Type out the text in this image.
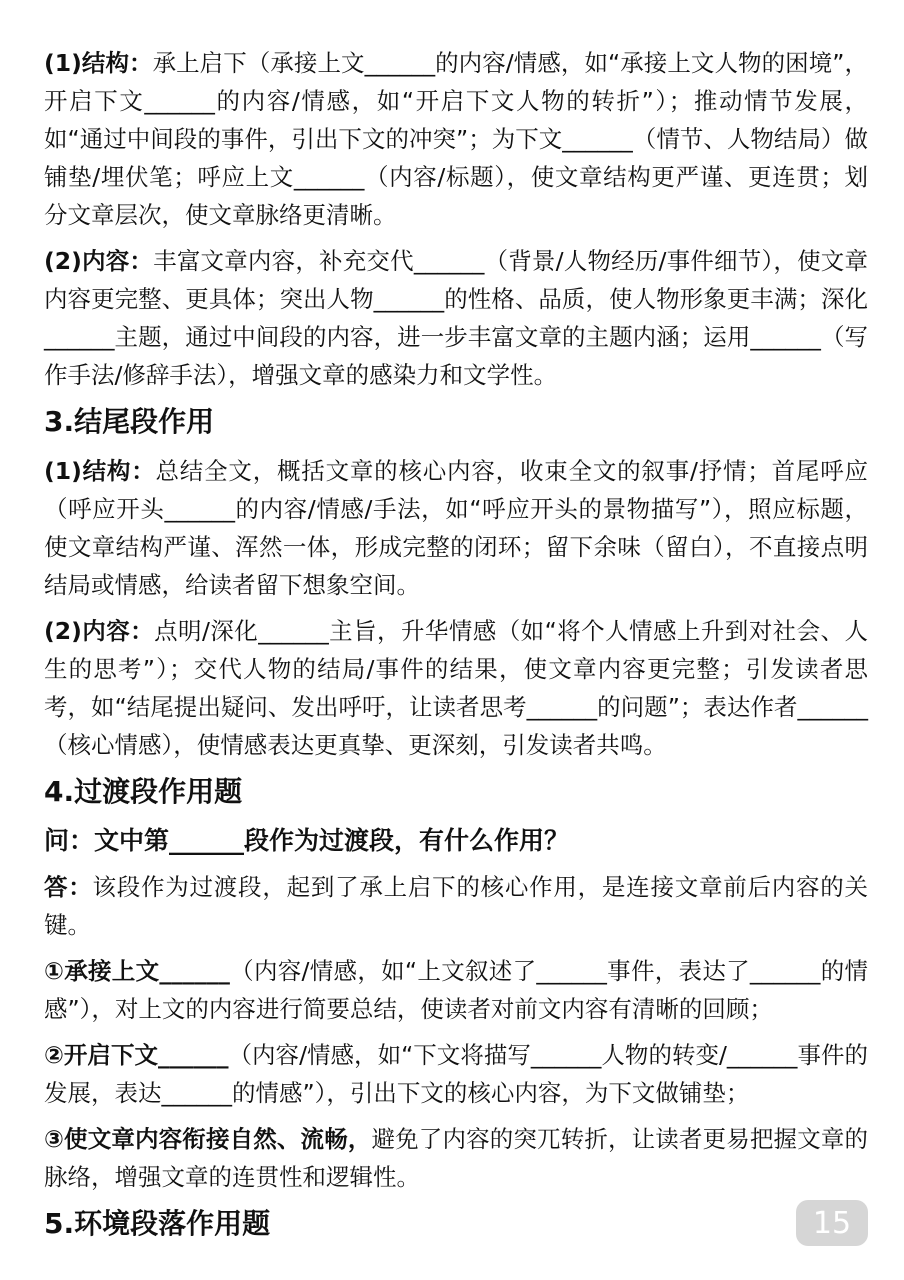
(1)结构：承上启下（承接上文______的内容/情感，如“承接上文人物的困境”，开启下文______的内容/情感，如“开启下文人物的转折”）；推动情节发展，如“通过中间段的事件，引出下文的冲突”；为下文______（情节、人物结局）做铺垫/埋伏笔；呼应上文______（内容/标题），使文章结构更严谨、更连贯；划分文章层次，使文章脉络更清晰。

(2)内容：丰富文章内容，补充交代______（背景/人物经历/事件细节），使文章内容更完整、更具体；突出人物______的性格、品质，使人物形象更丰满；深化______主题，通过中间段的内容，进一步丰富文章的主题内涵；运用______（写作手法/修辞手法），增强文章的感染力和文学性。

3.结尾段作用

(1)结构：总结全文，概括文章的核心内容，收束全文的叙事/抒情；首尾呼应（呼应开头______的内容/情感/手法，如“呼应开头的景物描写”），照应标题，使文章结构严谨、浑然一体，形成完整的闭环；留下余味（留白），不直接点明结局或情感，给读者留下想象空间。

(2)内容：点明/深化______主旨，升华情感（如“将个人情感上升到对社会、人生的思考”）；交代人物的结局/事件的结果，使文章内容更完整；引发读者思考，如“结尾提出疑问、发出呼吁，让读者思考______的问题”；表达作者______（核心情感），使情感表达更真挚、更深刻，引发读者共鸣。

4.过渡段作用题
问：文中第______段作为过渡段，有什么作用？

答：该段作为过渡段，起到了承上启下的核心作用，是连接文章前后内容的关键。

①承接上文______（内容/情感，如“上文叙述了______事件，表达了______的情感”），对上文的内容进行简要总结，使读者对前文内容有清晰的回顾；

②开启下文______（内容/情感，如“下文将描写______人物的转变/______事件的发展，表达______的情感”），引出下文的核心内容，为下文做铺垫；

③使文章内容衔接自然、流畅，避免了内容的突兀转折，让读者更易把握文章的脉络，增强文章的连贯性和逻辑性。

5.环境段落作用题	15
